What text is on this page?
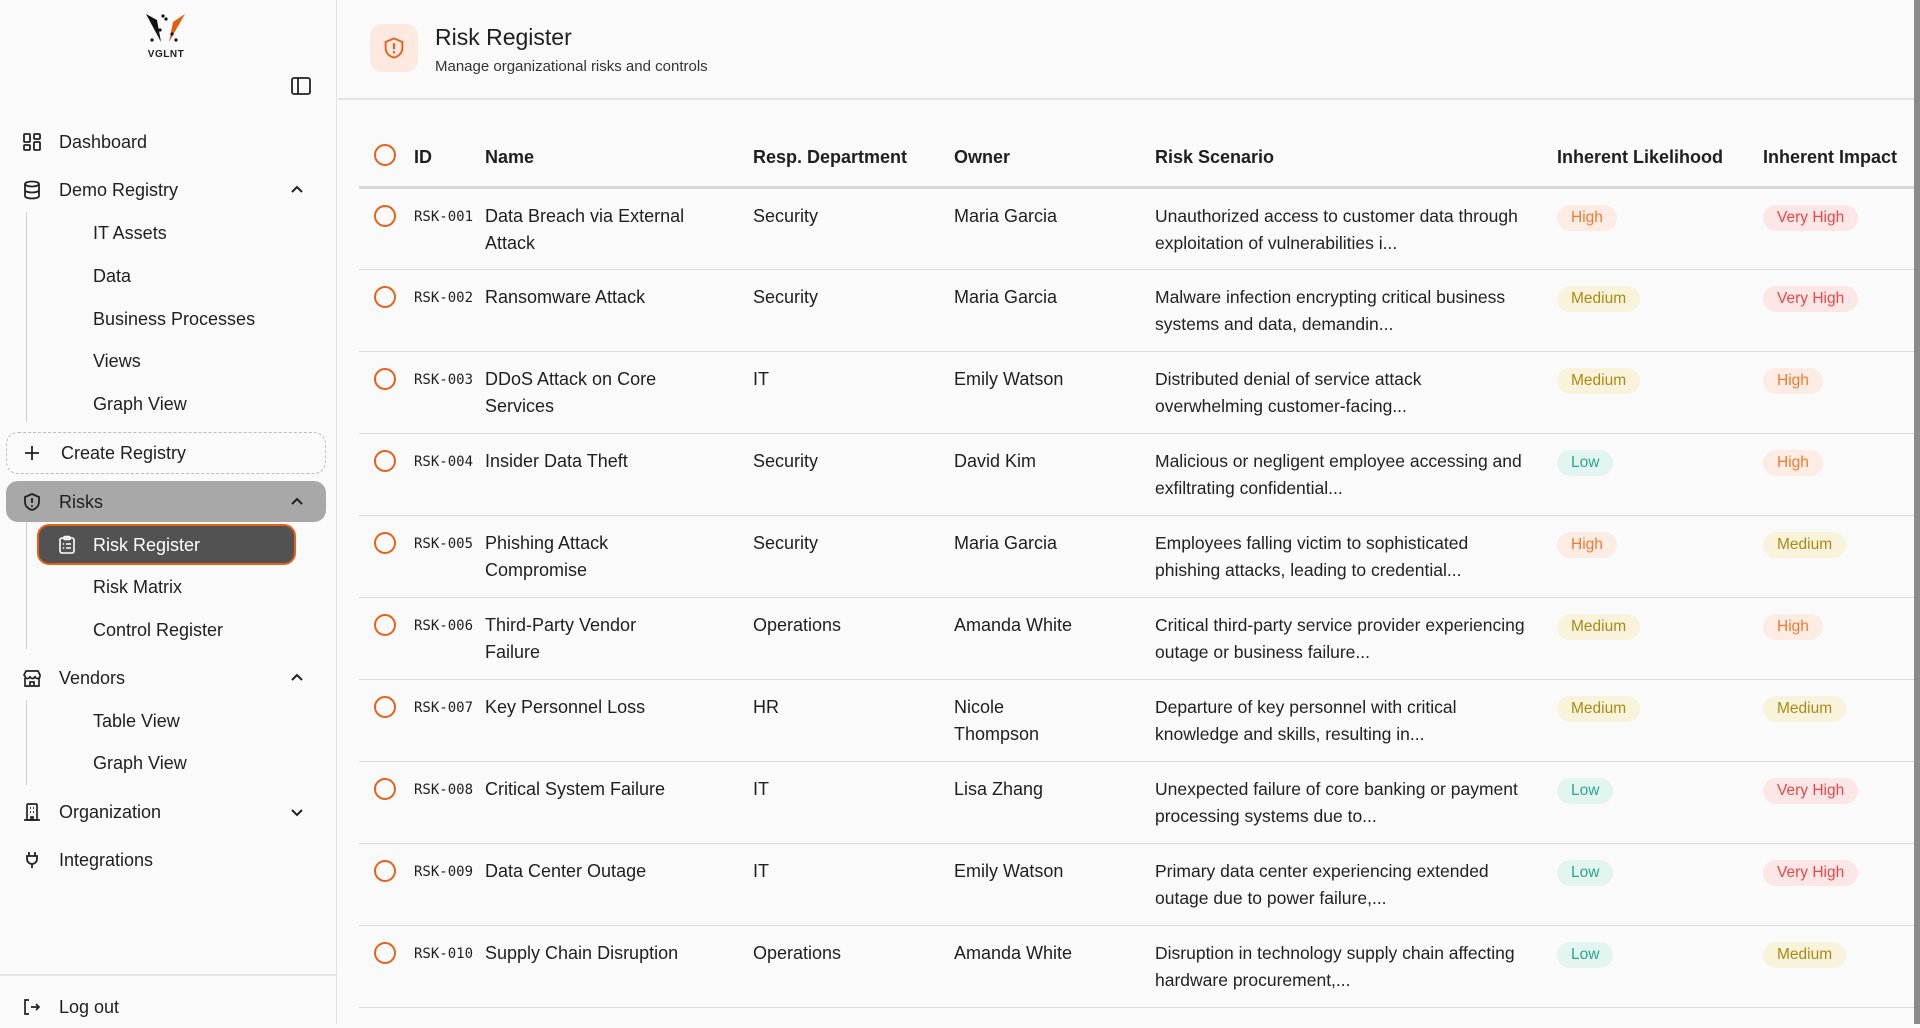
VGLNT
Dashboard
Demo Registry
IT Assets
Data
Business Processes
Views
Graph View
Create Registry
Risks
Risk Register
Risk Matrix
Control Register
Vendors
Table View
Graph View
Organization
Integrations
Log out
Risk Register
Manage organizational risks and controls
	ID	Name	Resp. Department	Owner	Risk Scenario	Inherent Likelihood	Inherent Impact

	RSK-001	Data Breach via External Attack	Security	Maria Garcia	Unauthorized access to customer data through exploitation of vulnerabilities i...	High	Very High

	RSK-002	Ransomware Attack	Security	Maria Garcia	Malware infection encrypting critical business systems and data, demandin...	Medium	Very High

	RSK-003	DDoS Attack on Core Services	IT	Emily Watson	Distributed denial of service attack overwhelming customer-facing...	Medium	High

	RSK-004	Insider Data Theft	Security	David Kim	Malicious or negligent employee accessing and exfiltrating confidential...	Low	High

	RSK-005	Phishing Attack Compromise	Security	Maria Garcia	Employees falling victim to sophisticated phishing attacks, leading to credential...	High	Medium

	RSK-006	Third-Party Vendor Failure	Operations	Amanda White	Critical third-party service provider experiencing outage or business failure...	Medium	High

	RSK-007	Key Personnel Loss	HR	Nicole Thompson	Departure of key personnel with critical knowledge and skills, resulting in...	Medium	Medium

	RSK-008	Critical System Failure	IT	Lisa Zhang	Unexpected failure of core banking or payment processing systems due to...	Low	Very High

	RSK-009	Data Center Outage	IT	Emily Watson	Primary data center experiencing extended outage due to power failure,...	Low	Very High

	RSK-010	Supply Chain Disruption	Operations	Amanda White	Disruption in technology supply chain affecting hardware procurement,...	Low	Medium
